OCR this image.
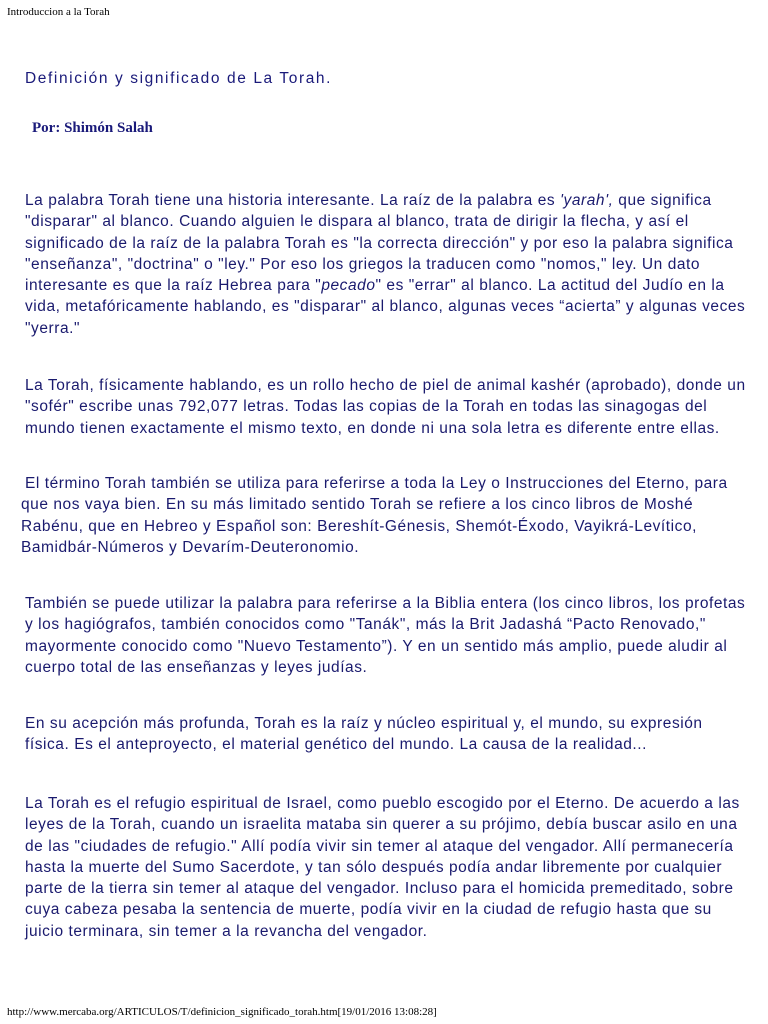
Introduccion a la Torah
Definición y significado de La Torah.
Por: Shimón Salah

La palabra Torah tiene una historia interesante. La raíz de la palabra es 'yarah', que significa "disparar" al blanco. Cuando alguien le dispara al blanco, trata de dirigir la flecha, y así el significado de la raíz de la palabra Torah es "la correcta dirección" y por eso la palabra significa "enseñanza", "doctrina" o "ley." Por eso los griegos la traducen como "nomos," ley. Un dato interesante es que la raíz Hebrea para "pecado" es "errar" al blanco. La actitud del Judío en la vida, metafóricamente hablando, es "disparar" al blanco, algunas veces “acierta” y algunas veces "yerra."

La Torah, físicamente hablando, es un rollo hecho de piel de animal kashér (aprobado), donde un "sofér" escribe unas 792,077 letras. Todas las copias de la Torah en todas las sinagogas del mundo tienen exactamente el mismo texto, en donde ni una sola letra es diferente entre ellas.

El término Torah también se utiliza para referirse a toda la Ley o Instrucciones del Eterno, para que nos vaya bien. En su más limitado sentido Torah se refiere a los cinco libros de Moshé Rabénu, que en Hebreo y Español son: Bereshít-Génesis, Shemót-Éxodo, Vayikrá-Levítico, Bamidbár-Números y Devarím-Deuteronomio.

También se puede utilizar la palabra para referirse a la Biblia entera (los cinco libros, los profetas y los hagiógrafos, también conocidos como "Tanák", más la Brit Jadashá “Pacto Renovado," mayormente conocido como "Nuevo Testamento”). Y en un sentido más amplio, puede aludir al cuerpo total de las enseñanzas y leyes judías.

En su acepción más profunda, Torah es la raíz y núcleo espiritual y, el mundo, su expresión física. Es el anteproyecto, el material genético del mundo. La causa de la realidad...

La Torah es el refugio espiritual de Israel, como pueblo escogido por el Eterno. De acuerdo a las leyes de la Torah, cuando un israelita mataba sin querer a su prójimo, debía buscar asilo en una de las "ciudades de refugio." Allí podía vivir sin temer al ataque del vengador. Allí permanecería hasta la muerte del Sumo Sacerdote, y tan sólo después podía andar libremente por cualquier parte de la tierra sin temer al ataque del vengador. Incluso para el homicida premeditado, sobre cuya cabeza pesaba la sentencia de muerte, podía vivir en la ciudad de refugio hasta que su juicio terminara, sin temer a la revancha del vengador.

http://www.mercaba.org/ARTICULOS/T/definicion_significado_torah.htm[19/01/2016 13:08:28]
